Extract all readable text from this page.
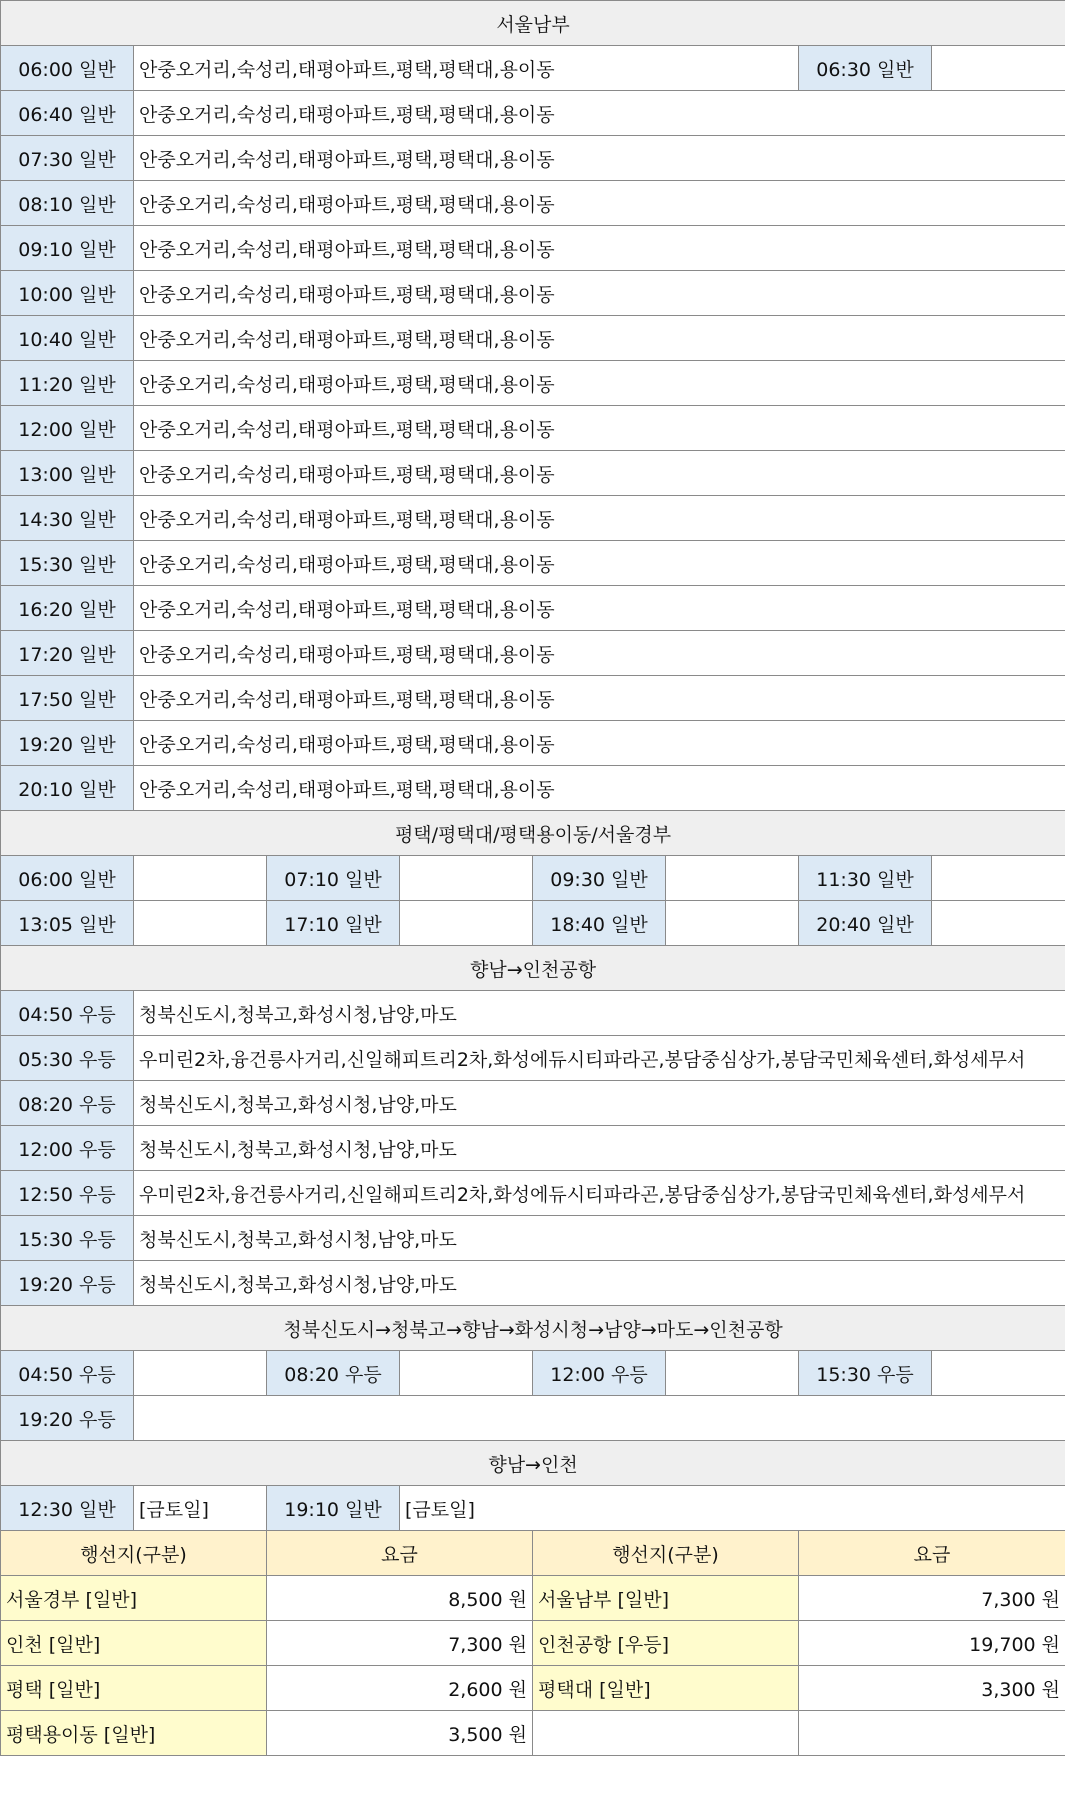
서울남부							
06:00 일반	안중오거리,숙성리,태평아파트,평택,평택대,용이동					06:30 일반	
06:40 일반	안중오거리,숙성리,태평아파트,평택,평택대,용이동						
07:30 일반	안중오거리,숙성리,태평아파트,평택,평택대,용이동						
08:10 일반	안중오거리,숙성리,태평아파트,평택,평택대,용이동						
09:10 일반	안중오거리,숙성리,태평아파트,평택,평택대,용이동						
10:00 일반	안중오거리,숙성리,태평아파트,평택,평택대,용이동						
10:40 일반	안중오거리,숙성리,태평아파트,평택,평택대,용이동						
11:20 일반	안중오거리,숙성리,태평아파트,평택,평택대,용이동						
12:00 일반	안중오거리,숙성리,태평아파트,평택,평택대,용이동						
13:00 일반	안중오거리,숙성리,태평아파트,평택,평택대,용이동						
14:30 일반	안중오거리,숙성리,태평아파트,평택,평택대,용이동						
15:30 일반	안중오거리,숙성리,태평아파트,평택,평택대,용이동						
16:20 일반	안중오거리,숙성리,태평아파트,평택,평택대,용이동						
17:20 일반	안중오거리,숙성리,태평아파트,평택,평택대,용이동						
17:50 일반	안중오거리,숙성리,태평아파트,평택,평택대,용이동						
19:20 일반	안중오거리,숙성리,태평아파트,평택,평택대,용이동						
20:10 일반	안중오거리,숙성리,태평아파트,평택,평택대,용이동						
평택/평택대/평택용이동/서울경부							
06:00 일반		07:10 일반		09:30 일반		11:30 일반	
13:05 일반		17:10 일반		18:40 일반		20:40 일반	
향남→인천공항							
04:50 우등	청북신도시,청북고,화성시청,남양,마도						
05:30 우등	우미린2차,융건릉사거리,신일해피트리2차,화성에듀시티파라곤,봉담중심상가,봉담국민체육센터,화성세무서						
08:20 우등	청북신도시,청북고,화성시청,남양,마도						
12:00 우등	청북신도시,청북고,화성시청,남양,마도						
12:50 우등	우미린2차,융건릉사거리,신일해피트리2차,화성에듀시티파라곤,봉담중심상가,봉담국민체육센터,화성세무서						
15:30 우등	청북신도시,청북고,화성시청,남양,마도						
19:20 우등	청북신도시,청북고,화성시청,남양,마도						
청북신도시→청북고→향남→화성시청→남양→마도→인천공항							
04:50 우등		08:20 우등		12:00 우등		15:30 우등	
19:20 우등							
향남→인천							
12:30 일반	[금토일]	19:10 일반	[금토일]				
행선지(구분)		요금		행선지(구분)		요금	
서울경부 [일반]		8,500 원		서울남부 [일반]		7,300 원	
인천 [일반]		7,300 원		인천공항 [우등]		19,700 원	
평택 [일반]		2,600 원		평택대 [일반]		3,300 원	
평택용이동 [일반]		3,500 원					
